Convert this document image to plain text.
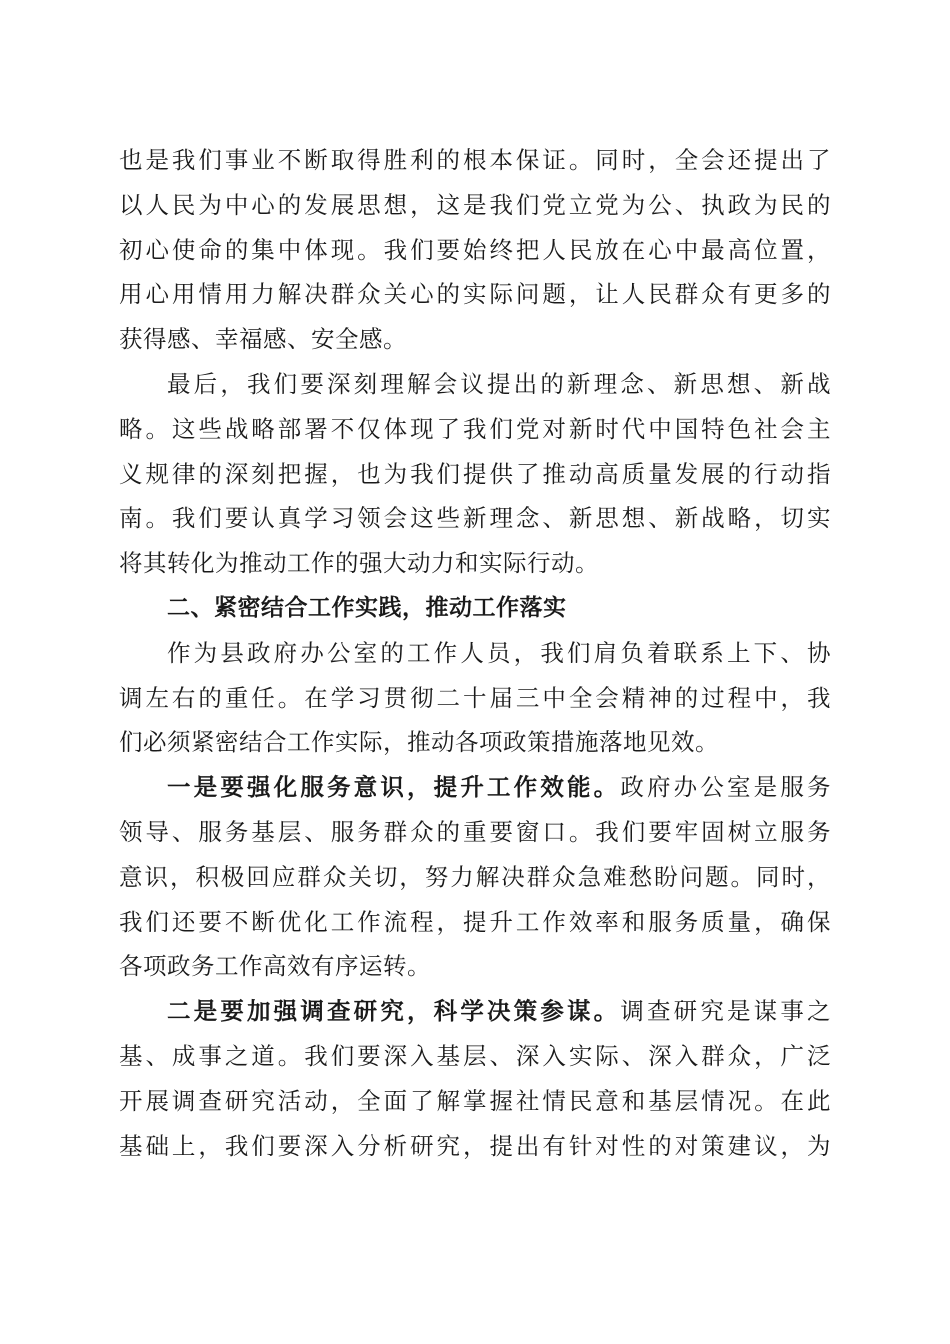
也是我们事业不断取得胜利的根本保证。同时，全会还提出了
以人民为中心的发展思想，这是我们党立党为公、执政为民的
初心使命的集中体现。我们要始终把人民放在心中最高位置，
用心用情用力解决群众关心的实际问题，让人民群众有更多的
获得感、幸福感、安全感。

最后，我们要深刻理解会议提出的新理念、新思想、新战
略。这些战略部署不仅体现了我们党对新时代中国特色社会主
义规律的深刻把握，也为我们提供了推动高质量发展的行动指
南。我们要认真学习领会这些新理念、新思想、新战略，切实
将其转化为推动工作的强大动力和实际行动。

二、紧密结合工作实践，推动工作落实

作为县政府办公室的工作人员，我们肩负着联系上下、协
调左右的重任。在学习贯彻二十届三中全会精神的过程中，我
们必须紧密结合工作实际，推动各项政策措施落地见效。

一是要强化服务意识，提升工作效能。政府办公室是服务
领导、服务基层、服务群众的重要窗口。我们要牢固树立服务
意识，积极回应群众关切，努力解决群众急难愁盼问题。同时，
我们还要不断优化工作流程，提升工作效率和服务质量，确保
各项政务工作高效有序运转。

二是要加强调查研究，科学决策参谋。调查研究是谋事之
基、成事之道。我们要深入基层、深入实际、深入群众，广泛
开展调查研究活动，全面了解掌握社情民意和基层情况。在此
基础上，我们要深入分析研究，提出有针对性的对策建议，为
